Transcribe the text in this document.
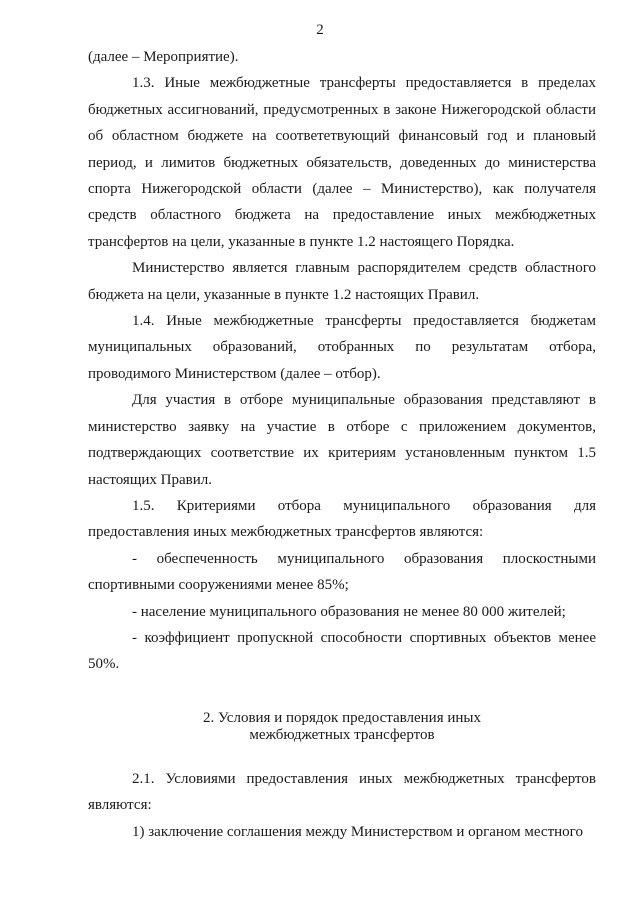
2

(далее – Мероприятие).

1.3. Иные межбюджетные трансферты предоставляется в пределах бюджетных ассигнований, предусмотренных в законе Нижегородской области об областном бюджете на соответетвующий финансовый год и плановый период, и лимитов бюджетных обязательств, доведенных до министерства спорта Нижегородской области (далее – Министерство), как получателя средств областного бюджета на предоставление иных межбюджетных трансфертов на цели, указанные в пункте 1.2 настоящего Порядка.

Министерство является главным распорядителем средств областного бюджета на цели, указанные в пункте 1.2 настоящих Правил.

1.4. Иные межбюджетные трансферты предоставляется бюджетам муниципальных образований, отобранных по результатам отбора, проводимого Министерством (далее – отбор).

Для участия в отборе муниципальные образования представляют в министерство заявку на участие в отборе с приложением документов, подтверждающих соответствие их критериям установленным пунктом 1.5 настоящих Правил.

1.5. Критериями отбора муниципального образования для предоставления иных межбюджетных трансфертов являются:

- обеспеченность муниципального образования плоскостными спортивными сооружениями менее 85%;

- население муниципального образования не менее 80 000 жителей;

- коэффициент пропускной способности спортивных объектов менее 50%.

2. Условия и порядок предоставления иных
межбюджетных трансфертов

2.1. Условиями предоставления иных межбюджетных трансфертов являются:

1) заключение соглашения между Министерством и органом местного
